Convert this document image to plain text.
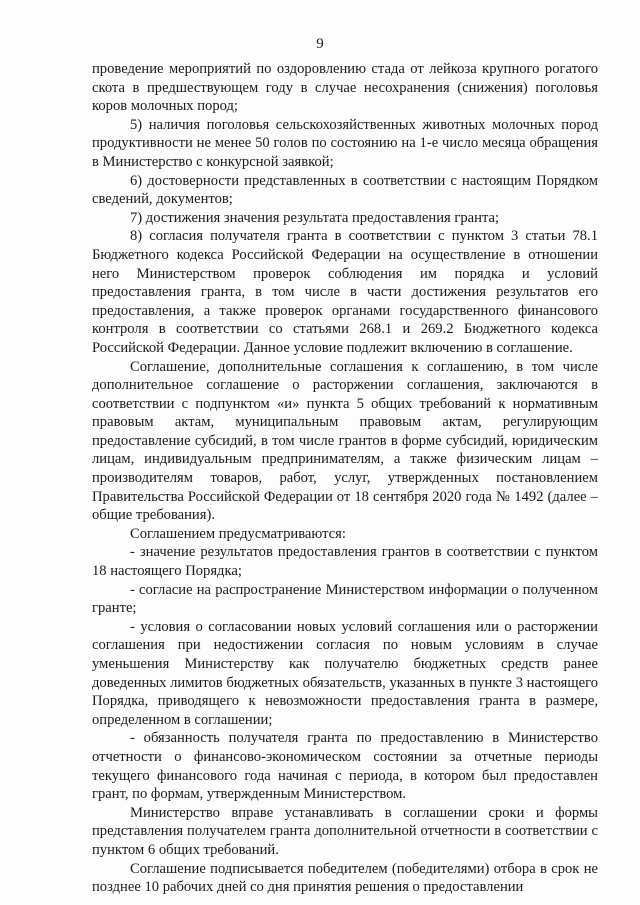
9

проведение мероприятий по оздоровлению стада от лейкоза крупного рогатого скота в предшествующем году в случае несохранения (снижения) поголовья коров молочных пород;

5) наличия поголовья сельскохозяйственных животных молочных пород продуктивности не менее 50 голов по состоянию на 1-е число месяца обращения в Министерство с конкурсной заявкой;

6) достоверности представленных в соответствии с настоящим Порядком сведений, документов;

7) достижения значения результата предоставления гранта;

8) согласия получателя гранта в соответствии с пунктом 3 статьи 78.1 Бюджетного кодекса Российской Федерации на осуществление в отношении него Министерством проверок соблюдения им порядка и условий предоставления гранта, в том числе в части достижения результатов его предоставления, а также проверок органами государственного финансового контроля в соответствии со статьями 268.1 и 269.2 Бюджетного кодекса Российской Федерации. Данное условие подлежит включению в соглашение.

Соглашение, дополнительные соглашения к соглашению, в том числе дополнительное соглашение о расторжении соглашения, заключаются в соответствии с подпунктом «и» пункта 5 общих требований к нормативным правовым актам, муниципальным правовым актам, регулирующим предоставление субсидий, в том числе грантов в форме субсидий, юридическим лицам, индивидуальным предпринимателям, а также физическим лицам – производителям товаров, работ, услуг, утвержденных постановлением Правительства Российской Федерации от 18 сентября 2020 года № 1492 (далее – общие требования).

Соглашением предусматриваются:

- значение результатов предоставления грантов в соответствии с пунктом 18 настоящего Порядка;

- согласие на распространение Министерством информации о полученном гранте;

- условия о согласовании новых условий соглашения или о расторжении соглашения при недостижении согласия по новым условиям в случае уменьшения Министерству как получателю бюджетных средств ранее доведенных лимитов бюджетных обязательств, указанных в пункте 3 настоящего Порядка, приводящего к невозможности предоставления гранта в размере, определенном в соглашении;

- обязанность получателя гранта по предоставлению в Министерство отчетности о финансово-экономическом состоянии за отчетные периоды текущего финансового года начиная с периода, в котором был предоставлен грант, по формам, утвержденным Министерством.

Министерство вправе устанавливать в соглашении сроки и формы представления получателем гранта дополнительной отчетности в соответствии с пунктом 6 общих требований.

Соглашение подписывается победителем (победителями) отбора в срок не позднее 10 рабочих дней со дня принятия решения о предоставлении
